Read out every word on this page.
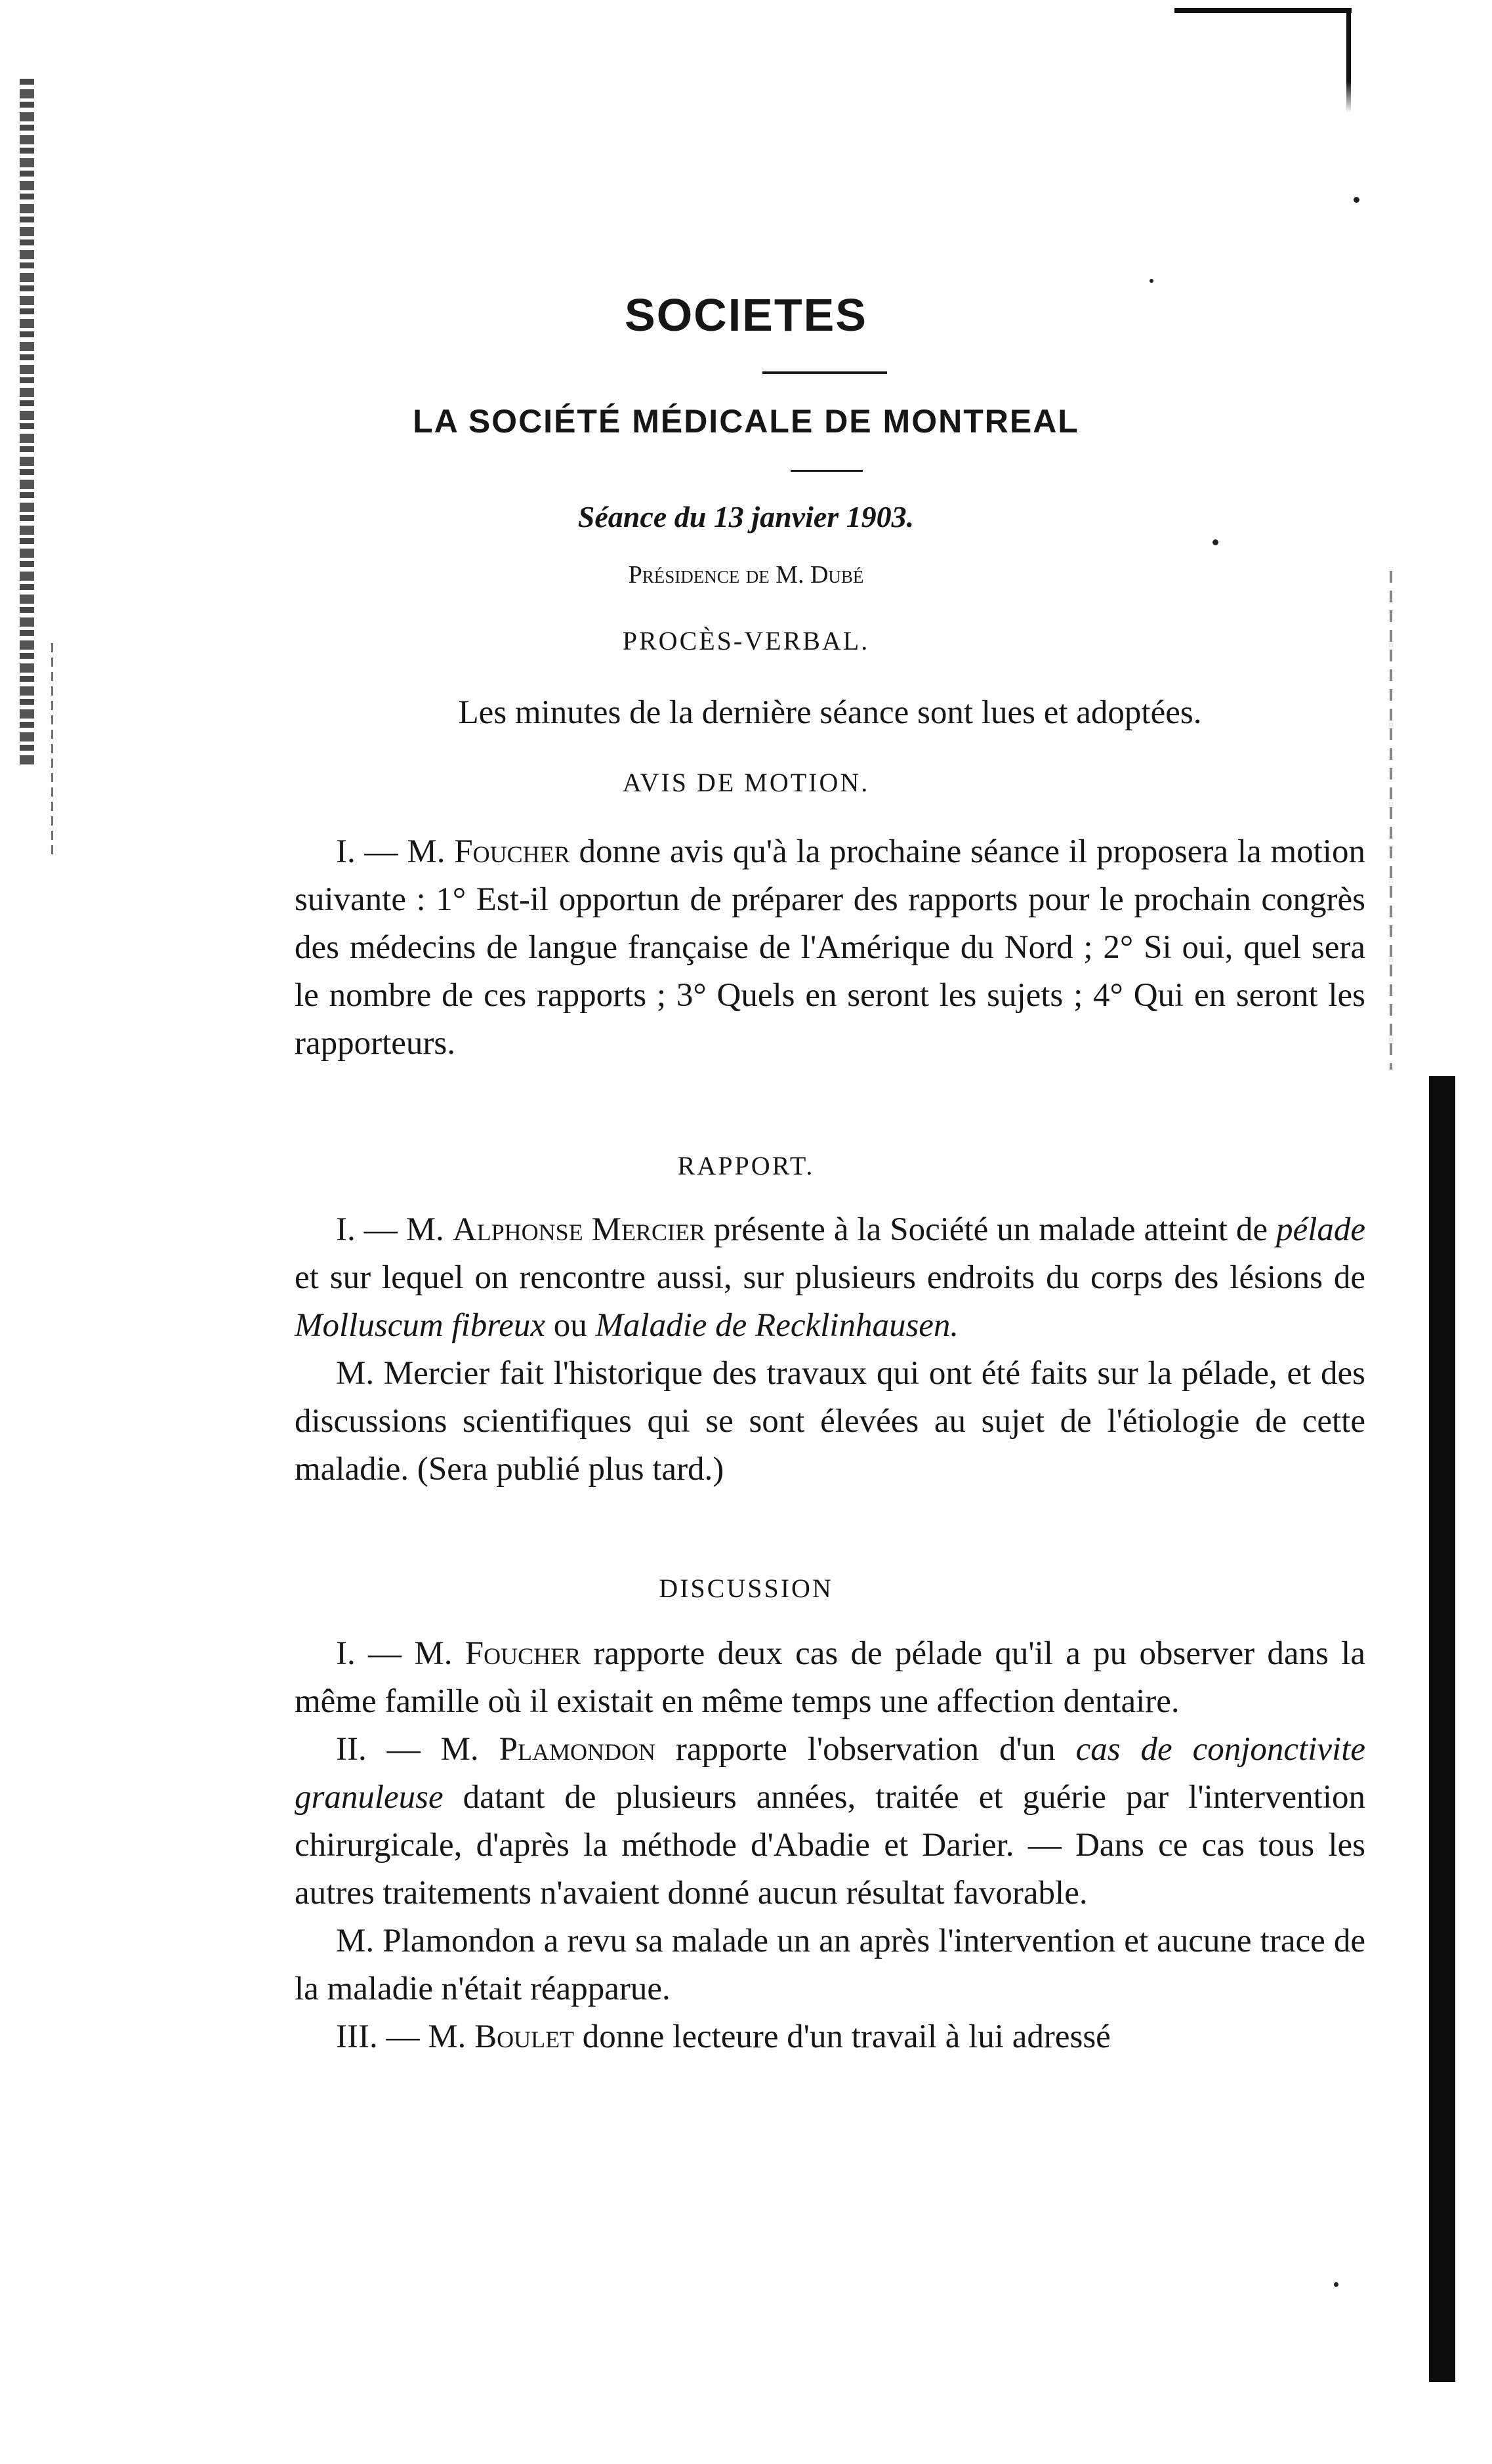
SOCIETES
LA SOCIÉTÉ MÉDICALE DE MONTREAL
Séance du 13 janvier 1903.
Présidence de M. Dubé
PROCÈS-VERBAL.
Les minutes de la dernière séance sont lues et adoptées.
AVIS DE MOTION.

I. — M. Foucher donne avis qu'à la prochaine séance il proposera la motion suivante : 1° Est-il opportun de préparer des rapports pour le prochain congrès des médecins de langue française de l'Amérique du Nord ; 2° Si oui, quel sera le nombre de ces rapports ; 3° Quels en seront les sujets ; 4° Qui en seront les rapporteurs.

RAPPORT.

I. — M. Alphonse Mercier présente à la Société un malade atteint de pélade et sur lequel on rencontre aussi, sur plusieurs endroits du corps des lésions de Molluscum fibreux ou Maladie de Recklinhausen.

M. Mercier fait l'historique des travaux qui ont été faits sur la pélade, et des discussions scientifiques qui se sont élevées au sujet de l'étiologie de cette maladie. (Sera publié plus tard.)

DISCUSSION

I. — M. Foucher rapporte deux cas de pélade qu'il a pu observer dans la même famille où il existait en même temps une affection dentaire.

II. — M. Plamondon rapporte l'observation d'un cas de conjonctivite granuleuse datant de plusieurs années, traitée et guérie par l'intervention chirurgicale, d'après la méthode d'Abadie et Darier. — Dans ce cas tous les autres traitements n'avaient donné aucun résultat favorable.

M. Plamondon a revu sa malade un an après l'intervention et aucune trace de la maladie n'était réapparue.

III. — M. Boulet donne lecteure d'un travail à lui adressé
